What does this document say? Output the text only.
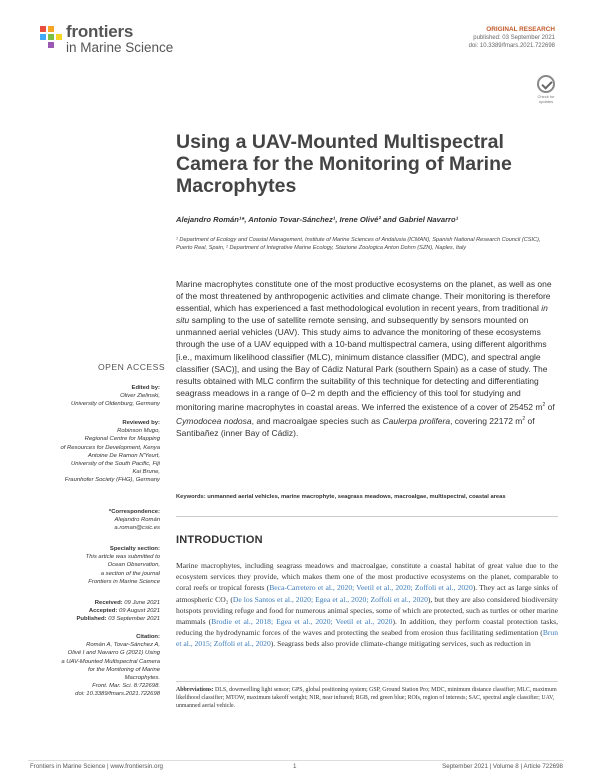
frontiers
in Marine Science
ORIGINAL RESEARCH
published: 03 September 2021
doi: 10.3389/fmars.2021.722698
Check for updates
Using a UAV-Mounted Multispectral Camera for the Monitoring of Marine Macrophytes
Alejandro Román¹*, Antonio Tovar-Sánchez¹, Irene Olivé² and Gabriel Navarro¹
¹ Department of Ecology and Coastal Management, Institute of Marine Sciences of Andalusia (ICMAN), Spanish National Research Council (CSIC), Puerto Real, Spain, ² Department of Integrative Marine Ecology, Stazione Zoologica Anton Dohrn (SZN), Naples, Italy
Marine macrophytes constitute one of the most productive ecosystems on the planet, as well as one of the most threatened by anthropogenic activities and climate change. Their monitoring is therefore essential, which has experienced a fast methodological evolution in recent years, from traditional in situ sampling to the use of satellite remote sensing, and subsequently by sensors mounted on unmanned aerial vehicles (UAV). This study aims to advance the monitoring of these ecosystems through the use of a UAV equipped with a 10-band multispectral camera, using different algorithms [i.e., maximum likelihood classifier (MLC), minimum distance classifier (MDC), and spectral angle classifier (SAC)], and using the Bay of Cádiz Natural Park (southern Spain) as a case of study. The results obtained with MLC confirm the suitability of this technique for detecting and differentiating seagrass meadows in a range of 0–2 m depth and the efficiency of this tool for studying and monitoring marine macrophytes in coastal areas. We inferred the existence of a cover of 25452 $m^2$ of Cymodocea nodosa, and macroalgae species such as Caulerpa prolifera, covering 22172 $m^2$ of Santibañez (inner Bay of Cádiz).
Keywords: unmanned aerial vehicles, marine macrophyte, seagrass meadows, macroalgae, multispectral, coastal areas
INTRODUCTION
Marine macrophytes, including seagrass meadows and macroalgae, constitute a coastal habitat of great value due to the ecosystem services they provide, which makes them one of the most productive ecosystems on the planet, comparable to coral reefs or tropical forests (Beca-Carretero et al., 2020; Veetil et al., 2020; Zoffoli et al., 2020). They act as large sinks of atmospheric CO₂ (De los Santos et al., 2020; Egea et al., 2020; Zoffoli et al., 2020), but they are also considered biodiversity hotspots providing refuge and food for numerous animal species, some of which are protected, such as turtles or other marine mammals (Brodie et al., 2018; Egea et al., 2020; Veetil et al., 2020). In addition, they perform coastal protection tasks, reducing the hydrodynamic forces of the waves and protecting the seabed from erosion thus facilitating sedimentation (Brun et al., 2015; Zoffoli et al., 2020). Seagrass beds also provide climate-change mitigating services, such as reduction in
Abbreviations: DLS, downwelling light sensor; GPS, global positioning system; GSP, Ground Station Pro; MDC, minimum distance classifier; MLC, maximum likelihood classifier; MTOW, maximum takeoff weight; NIR, near infrared; RGB, red green blue; ROIs, region of interests; SAC, spectral angle classifier; UAV, unmanned aerial vehicle.
OPEN ACCESS
Edited by:
Oliver Zielinski,
University of Oldenburg, Germany
Reviewed by:
Robinson Mugo,
Regional Centre for Mapping
of Resources for Development, Kenya
Antoine De Ramon N'Yeurt,
University of the South Pacific, Fiji
Kai Brune,
Fraunhofer Society (FHG), Germany
*Correspondence:
Alejandro Román
a.roman@csic.es
Specialty section:
This article was submitted to
Ocean Observation,
a section of the journal
Frontiers in Marine Science
Received: 09 June 2021
Accepted: 09 August 2021
Published: 03 September 2021
Citation:
Román A, Tovar-Sánchez A,
Olivé I and Navarro G (2021) Using
a UAV-Mounted Multispectral Camera
for the Monitoring of Marine
Macrophytes.
Front. Mar. Sci. 8:722698.
doi: 10.3389/fmars.2021.722698
Frontiers in Marine Science | www.frontiersin.org	1	September 2021 | Volume 8 | Article 722698
